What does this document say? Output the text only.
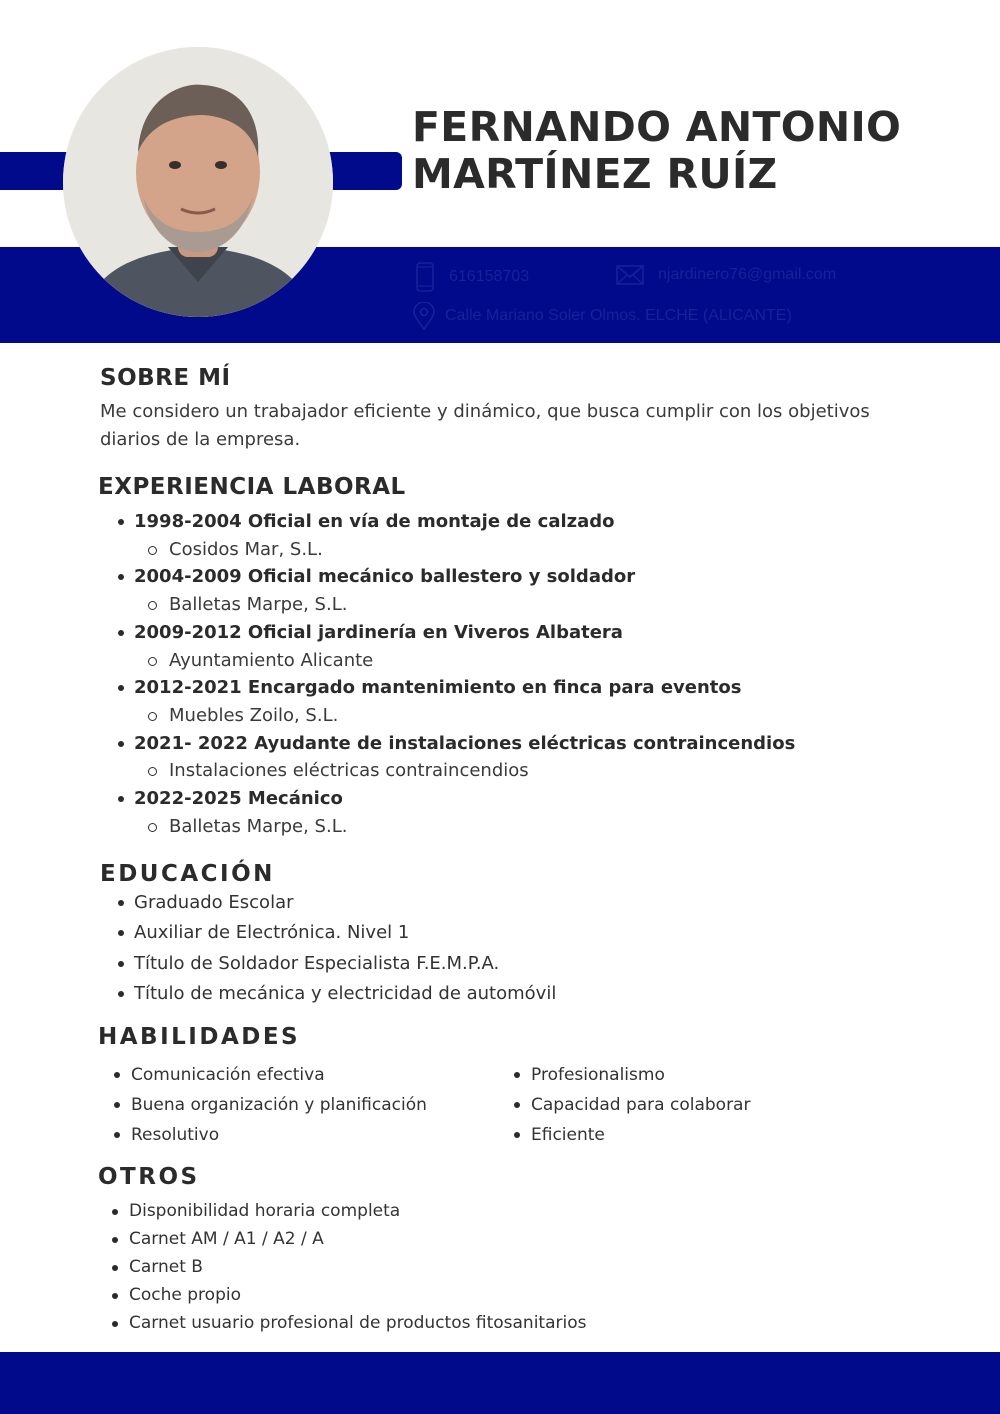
FERNANDO ANTONIO
MARTÍNEZ RUÍZ
616158703	njardinero76@gmail.com
Calle Mariano Soler Olmos. ELCHE (ALICANTE)
SOBRE MÍ

Me considero un trabajador eficiente y dinámico, que busca cumplir con los objetivos diarios de la empresa.

EXPERIENCIA LABORAL
1998-2004 Oficial en vía de montaje de calzado
Cosidos Mar, S.L.
2004-2009 Oficial mecánico ballestero y soldador
Balletas Marpe, S.L.
2009-2012 Oficial jardinería en Viveros Albatera
Ayuntamiento Alicante
2012-2021 Encargado mantenimiento en finca para eventos
Muebles Zoilo, S.L.
2021- 2022 Ayudante de instalaciones eléctricas contraincendios
Instalaciones eléctricas contraincendios
2022-2025 Mecánico
Balletas Marpe, S.L.
EDUCACIÓN
Graduado Escolar
Auxiliar de Electrónica. Nivel 1
Título de Soldador Especialista F.E.M.P.A.
Título de mecánica y electricidad de automóvil
HABILIDADES
Comunicación efectiva
Buena organización y planificación
Resolutivo
Profesionalismo
Capacidad para colaborar
Eficiente
OTROS
Disponibilidad horaria completa
Carnet AM / A1 / A2 / A
Carnet B
Coche propio
Carnet usuario profesional de productos fitosanitarios
